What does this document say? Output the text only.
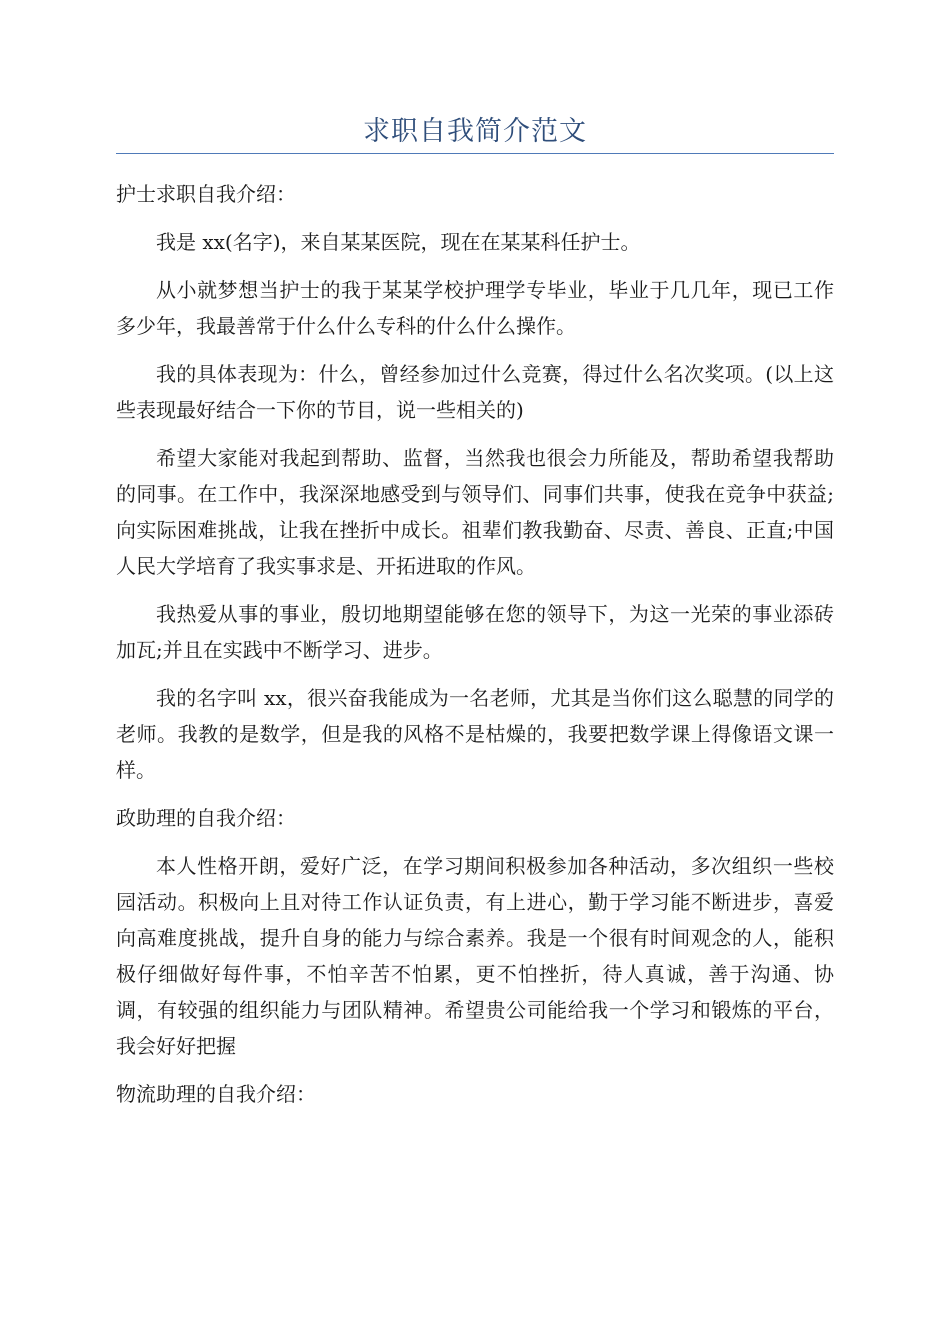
求职自我简介范文

护士求职自我介绍：

我是 xx(名字)，来自某某医院，现在在某某科任护士。

从小就梦想当护士的我于某某学校护理学专毕业，毕业于几几年，现已工作多少年，我最善常于什么什么专科的什么什么操作。

我的具体表现为：什么，曾经参加过什么竞赛，得过什么名次奖项。(以上这些表现最好结合一下你的节目，说一些相关的)

希望大家能对我起到帮助、监督，当然我也很会力所能及，帮助希望我帮助的同事。在工作中，我深深地感受到与领导们、同事们共事，使我在竞争中获益;向实际困难挑战，让我在挫折中成长。祖辈们教我勤奋、尽责、善良、正直;中国人民大学培育了我实事求是、开拓进取的作风。

我热爱从事的事业，殷切地期望能够在您的领导下，为这一光荣的事业添砖加瓦;并且在实践中不断学习、进步。

我的名字叫 xx，很兴奋我能成为一名老师，尤其是当你们这么聪慧的同学的老师。我教的是数学，但是我的风格不是枯燥的，我要把数学课上得像语文课一样。

政助理的自我介绍：

本人性格开朗，爱好广泛，在学习期间积极参加各种活动，多次组织一些校园活动。积极向上且对待工作认证负责，有上进心，勤于学习能不断进步，喜爱向高难度挑战，提升自身的能力与综合素养。我是一个很有时间观念的人，能积极仔细做好每件事，不怕辛苦不怕累，更不怕挫折，待人真诚，善于沟通、协调，有较强的组织能力与团队精神。希望贵公司能给我一个学习和锻炼的平台，我会好好把握

物流助理的自我介绍：
